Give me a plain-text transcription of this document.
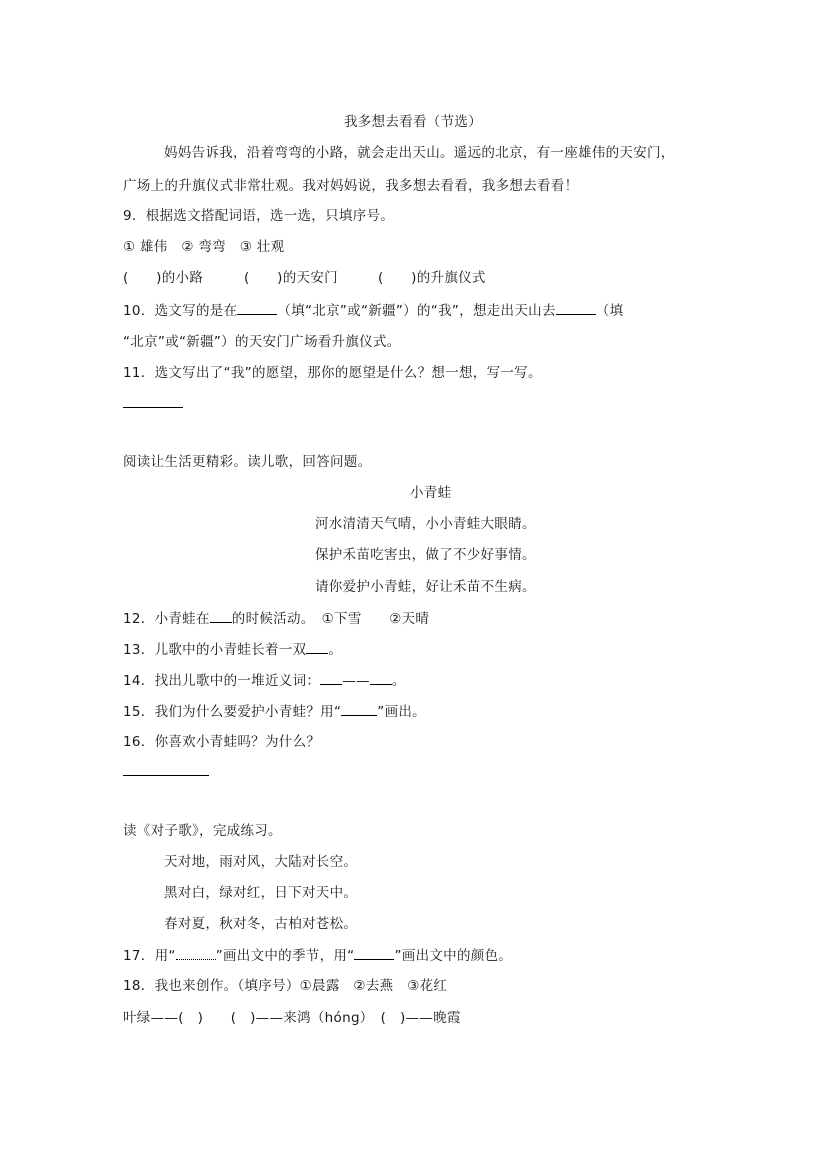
我多想去看看（节选）
妈妈告诉我，沿着弯弯的小路，就会走出天山。遥远的北京，有一座雄伟的天安门，
广场上的升旗仪式非常壮观。我对妈妈说，我多想去看看，我多想去看看！
9．根据选文搭配词语，选一选，只填序号。
① 雄伟　② 弯弯　③ 壮观
(　　)的小路	(　　)的天安门	(　　)的升旗仪式
10．选文写的是在	（填“北京”或“新疆”）的“我”，想走出天山去	（填
“北京”或“新疆”）的天安门广场看升旗仪式。
11．选文写出了“我”的愿望，那你的愿望是什么？想一想，写一写。
阅读让生活更精彩。读儿歌，回答问题。
小青蛙
河水清清天气晴，小小青蛙大眼睛。
保护禾苗吃害虫，做了不少好事情。
请你爱护小青蛙，好让禾苗不生病。
12．小青蛙在 的时候活动。　①下雪　　②天晴
13．儿歌中的小青蛙长着一双 。
14．找出儿歌中的一堆近义词： —— 。
15．我们为什么要爱护小青蛙？用“	”画出。
16．你喜欢小青蛙吗？为什么？
读《对子歌》，完成练习。
天对地，雨对风，大陆对长空。
黑对白，绿对红，日下对天中。
春对夏，秋对冬，古柏对苍松。
17．用“	”画出文中的季节，用“	”画出文中的颜色。
18．我也来创作。（填序号）①晨露　②去燕　③花红
叶绿——(　)　　(　)——来鸿（hóng）　(　)——晚霞
